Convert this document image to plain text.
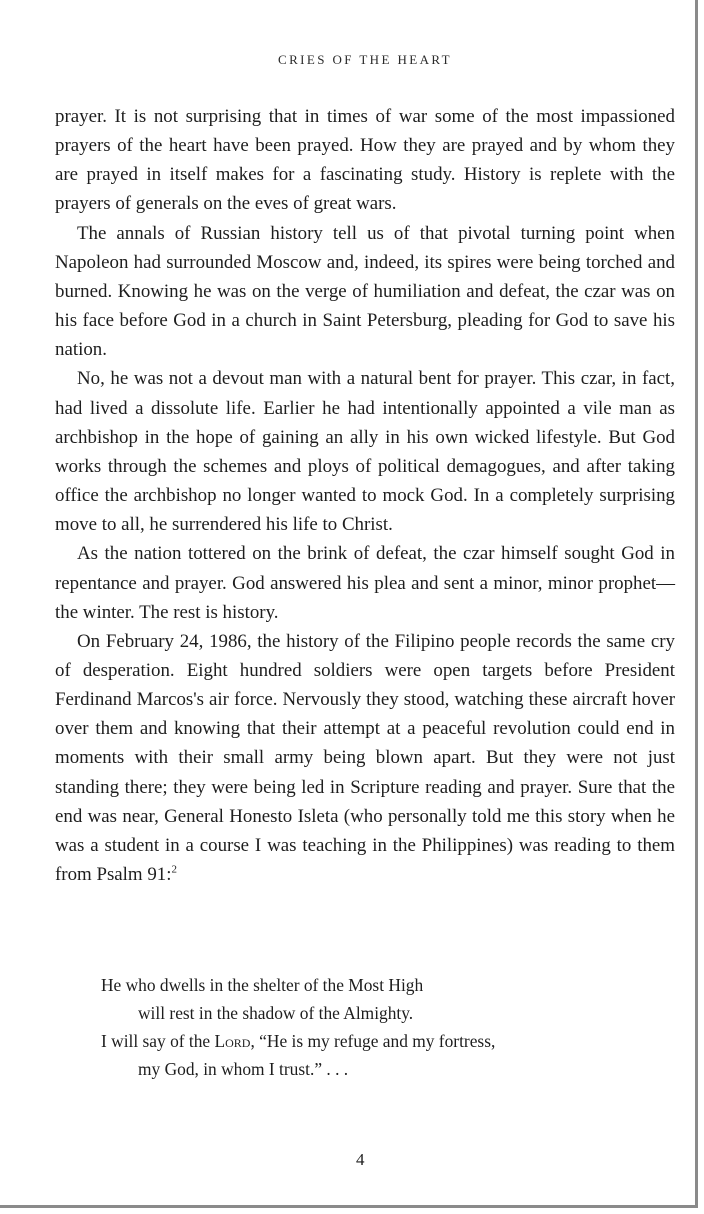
CRIES OF THE HEART

prayer. It is not surprising that in times of war some of the most impassioned prayers of the heart have been prayed. How they are prayed and by whom they are prayed in itself makes for a fascinating study. History is replete with the prayers of generals on the eves of great wars.

The annals of Russian history tell us of that pivotal turning point when Napoleon had surrounded Moscow and, indeed, its spires were being torched and burned. Knowing he was on the verge of humiliation and defeat, the czar was on his face before God in a church in Saint Petersburg, pleading for God to save his nation.

No, he was not a devout man with a natural bent for prayer. This czar, in fact, had lived a dissolute life. Earlier he had intentionally appointed a vile man as archbishop in the hope of gaining an ally in his own wicked lifestyle. But God works through the schemes and ploys of political demagogues, and after taking office the archbishop no longer wanted to mock God. In a completely surprising move to all, he surrendered his life to Christ.

As the nation tottered on the brink of defeat, the czar himself sought God in repentance and prayer. God answered his plea and sent a minor, minor prophet—the winter. The rest is history.

On February 24, 1986, the history of the Filipino people records the same cry of desperation. Eight hundred soldiers were open targets before President Ferdinand Marcos's air force. Nervously they stood, watching these aircraft hover over them and knowing that their attempt at a peaceful revolution could end in moments with their small army being blown apart. But they were not just standing there; they were being led in Scripture reading and prayer. Sure that the end was near, General Honesto Isleta (who personally told me this story when he was a student in a course I was teaching in the Philippines) was reading to them from Psalm 91:$^2$

He who dwells in the shelter of the Most High
will rest in the shadow of the Almighty.
I will say of the Lord, “He is my refuge and my fortress,
my God, in whom I trust.” . . .
4
